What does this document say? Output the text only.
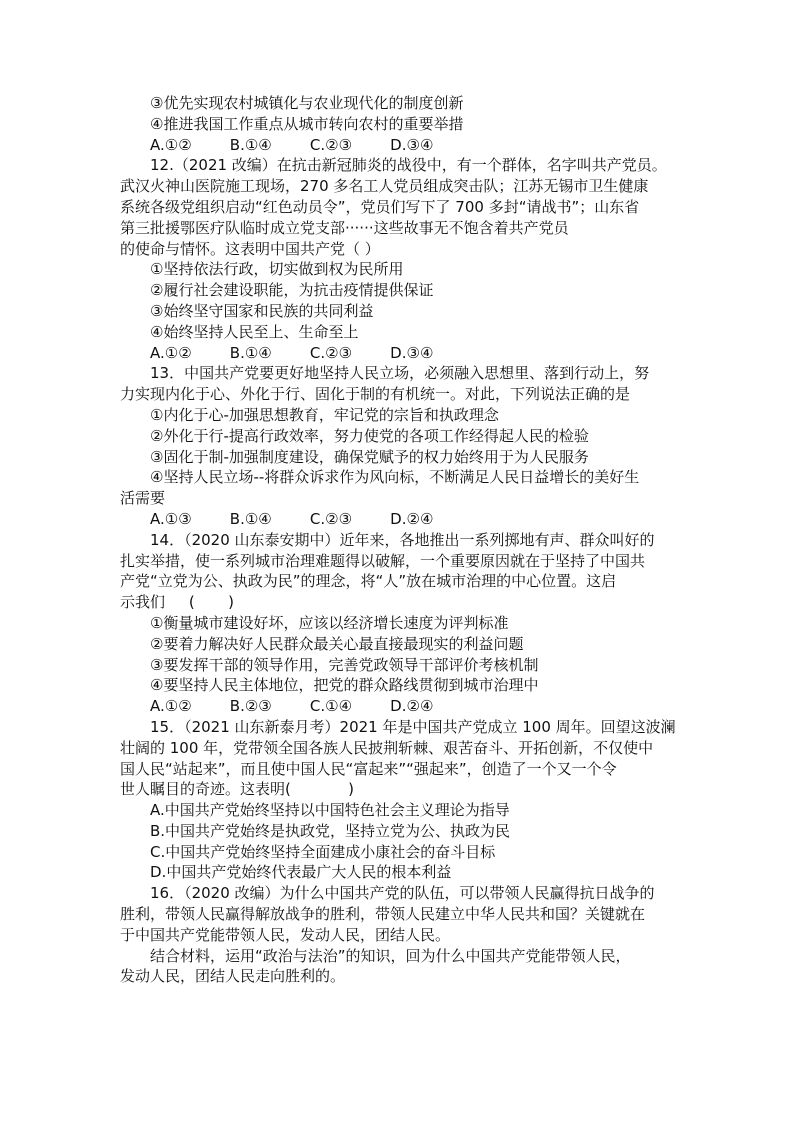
③优先实现农村城镇化与农业现代化的制度创新
④推进我国工作重点从城市转向农村的重要举措
A.①②        B.①④        C.②③        D.③④
12.（2021 改编）在抗击新冠肺炎的战役中，有一个群体，名字叫共产党员。
武汉火神山医院施工现场，270 多名工人党员组成突击队；江苏无锡市卫生健康
系统各级党组织启动“红色动员令”，党员们写下了 700 多封“请战书”；山东省
第三批援鄂医疗队临时成立党支部······这些故事无不饱含着共产党员
的使命与情怀。这表明中国共产党（ ）
①坚持依法行政，切实做到权为民所用
②履行社会建设职能，为抗击疫情提供保证
③始终坚守国家和民族的共同利益
④始终坚持人民至上、生命至上
A.①②        B.①④        C.②③        D.③④
13．中国共产党要更好地坚持人民立场，必须融入思想里、落到行动上，努
力实现内化于心、外化于行、固化于制的有机统一。对此，下列说法正确的是
①内化于心-加强思想教育，牢记党的宗旨和执政理念
②外化于行-提高行政效率，努力使党的各项工作经得起人民的检验
③固化于制-加强制度建设，确保党赋予的权力始终用于为人民服务
④坚持人民立场--将群众诉求作为风向标，不断满足人民日益增长的美好生
活需要
A.①③        B.①④        C.②③        D.②④
14．（2020 山东泰安期中）近年来，各地推出一系列掷地有声、群众叫好的
扎实举措，使一系列城市治理难题得以破解，一个重要原因就在于坚持了中国共
产党“立党为公、执政为民”的理念，将“人”放在城市治理的中心位置。这启
示我们     (       )
①衡量城市建设好坏，应该以经济增长速度为评判标准
②要着力解决好人民群众最关心最直接最现实的利益问题
③要发挥干部的领导作用，完善党政领导干部评价考核机制
④要坚持人民主体地位，把党的群众路线贯彻到城市治理中
A.①②        B.②③        C.①④        D.②④
15．（2021 山东新泰月考）2021 年是中国共产党成立 100 周年。回望这波澜
壮阔的 100 年，党带领全国各族人民披荆斩棘、艰苦奋斗、开拓创新，不仅使中
国人民“站起来”，而且使中国人民“富起来”“强起来”，创造了一个又一个令
世人瞩目的奇迹。这表明(            )
A.中国共产党始终坚持以中国特色社会主义理论为指导
B.中国共产党始终是执政党，坚持立党为公、执政为民
C.中国共产党始终坚持全面建成小康社会的奋斗目标
D.中国共产党始终代表最广大人民的根本利益
16．（2020 改编）为什么中国共产党的队伍，可以带领人民赢得抗日战争的
胜利，带领人民赢得解放战争的胜利，带领人民建立中华人民共和国？关键就在
于中国共产党能带领人民，发动人民，团结人民。
结合材料，运用“政治与法治”的知识，回为什么中国共产党能带领人民，
发动人民，团结人民走向胜利的。
